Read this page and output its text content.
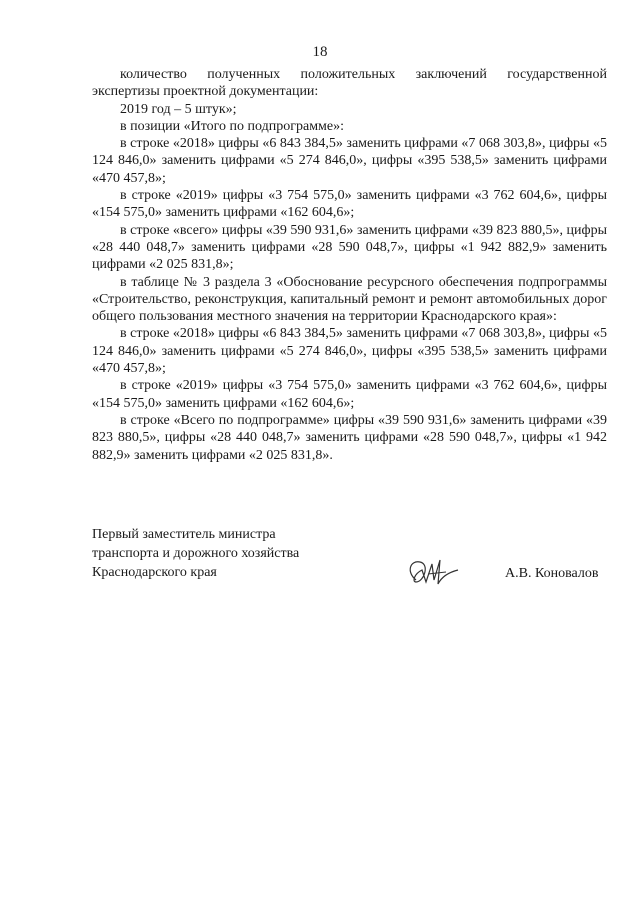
18

количество полученных положительных заключений государственной экспертизы проектной документации:

2019 год – 5 штук»;

в позиции «Итого по подпрограмме»:

в строке «2018» цифры «6 843 384,5» заменить цифрами «7 068 303,8», цифры «5 124 846,0» заменить цифрами «5 274 846,0», цифры «395 538,5» заменить цифрами «470 457,8»;

в строке «2019» цифры «3 754 575,0» заменить цифрами «3 762 604,6», цифры «154 575,0» заменить цифрами «162 604,6»;

в строке «всего» цифры «39 590 931,6» заменить цифрами «39 823 880,5», цифры «28 440 048,7» заменить цифрами «28 590 048,7», цифры «1 942 882,9» заменить цифрами «2 025 831,8»;

в таблице № 3 раздела 3 «Обоснование ресурсного обеспечения подпрограммы «Строительство, реконструкция, капитальный ремонт и ремонт автомобильных дорог общего пользования местного значения на территории Краснодарского края»:

в строке «2018» цифры «6 843 384,5» заменить цифрами «7 068 303,8», цифры «5 124 846,0» заменить цифрами «5 274 846,0», цифры «395 538,5» заменить цифрами «470 457,8»;

в строке «2019» цифры «3 754 575,0» заменить цифрами «3 762 604,6», цифры «154 575,0» заменить цифрами «162 604,6»;

в строке «Всего по подпрограмме» цифры «39 590 931,6» заменить цифрами «39 823 880,5», цифры «28 440 048,7» заменить цифрами «28 590 048,7», цифры «1 942 882,9» заменить цифрами «2 025 831,8».

Первый заместитель министра
транспорта и дорожного хозяйства
Краснодарского края	А.В. Коновалов
